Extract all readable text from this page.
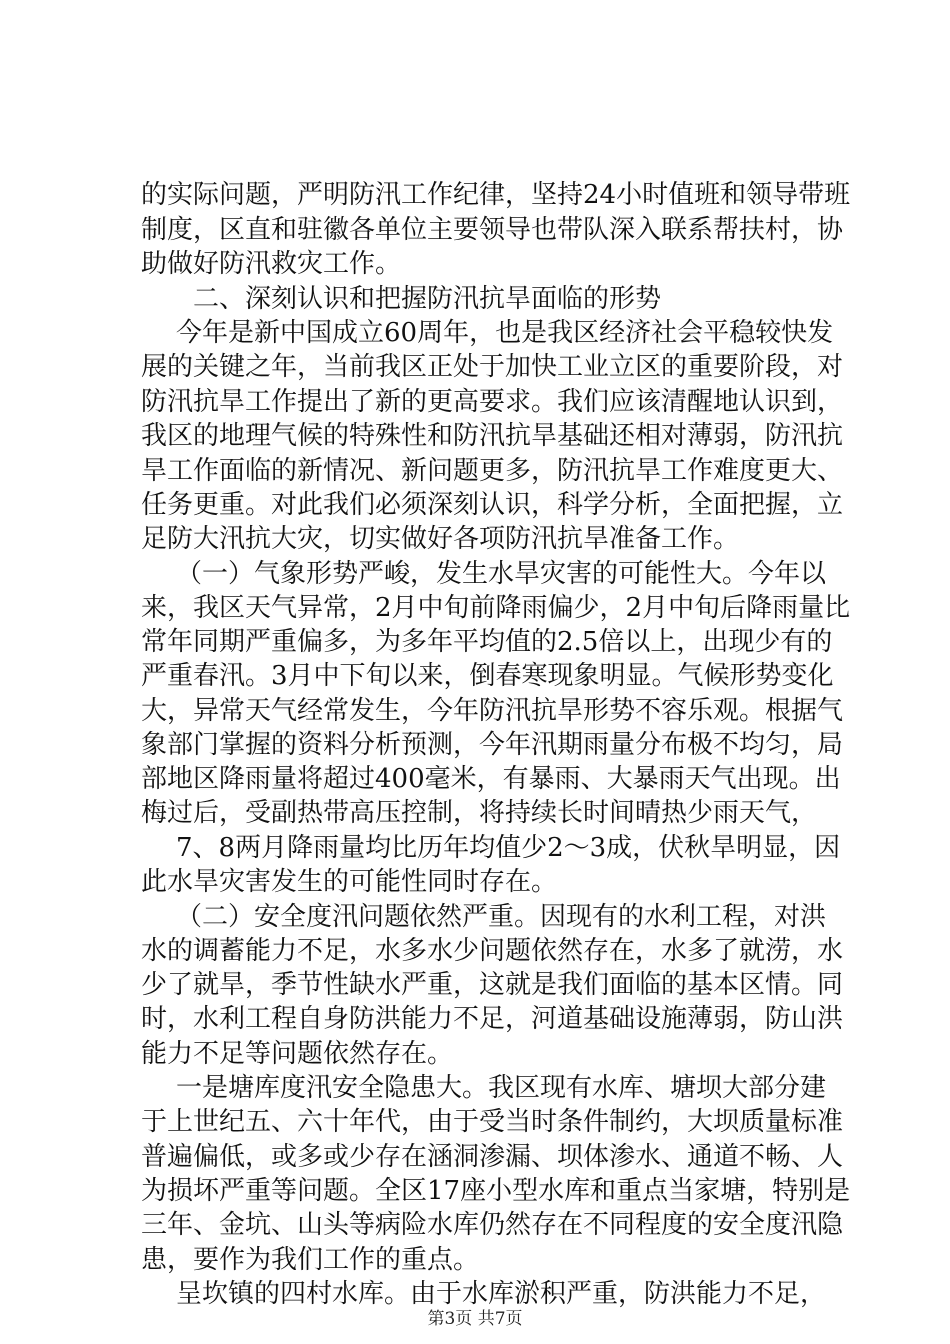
的实际问题，严明防汛工作纪律，坚持24小时值班和领导带班
制度，区直和驻徽各单位主要领导也带队深入联系帮扶村，协
助做好防汛救灾工作。
二、深刻认识和把握防汛抗旱面临的形势
今年是新中国成立60周年，也是我区经济社会平稳较快发
展的关键之年，当前我区正处于加快工业立区的重要阶段，对
防汛抗旱工作提出了新的更高要求。我们应该清醒地认识到，
我区的地理气候的特殊性和防汛抗旱基础还相对薄弱，防汛抗
旱工作面临的新情况、新问题更多，防汛抗旱工作难度更大、
任务更重。对此我们必须深刻认识，科学分析，全面把握，立
足防大汛抗大灾，切实做好各项防汛抗旱准备工作。
（一）气象形势严峻，发生水旱灾害的可能性大。今年以
来，我区天气异常，2月中旬前降雨偏少，2月中旬后降雨量比
常年同期严重偏多，为多年平均值的2.5倍以上，出现少有的
严重春汛。3月中下旬以来，倒春寒现象明显。气候形势变化
大，异常天气经常发生，今年防汛抗旱形势不容乐观。根据气
象部门掌握的资料分析预测，今年汛期雨量分布极不均匀，局
部地区降雨量将超过400毫米，有暴雨、大暴雨天气出现。出
梅过后，受副热带高压控制，将持续长时间晴热少雨天气，
7、8两月降雨量均比历年均值少2～3成，伏秋旱明显，因
此水旱灾害发生的可能性同时存在。
（二）安全度汛问题依然严重。因现有的水利工程，对洪
水的调蓄能力不足，水多水少问题依然存在，水多了就涝，水
少了就旱，季节性缺水严重，这就是我们面临的基本区情。同
时，水利工程自身防洪能力不足，河道基础设施薄弱，防山洪
能力不足等问题依然存在。
一是塘库度汛安全隐患大。我区现有水库、塘坝大部分建
于上世纪五、六十年代，由于受当时条件制约，大坝质量标准
普遍偏低，或多或少存在涵洞渗漏、坝体渗水、通道不畅、人
为损坏严重等问题。全区17座小型水库和重点当家塘，特别是
三年、金坑、山头等病险水库仍然存在不同程度的安全度汛隐
患，要作为我们工作的重点。
呈坎镇的四村水库。由于水库淤积严重，防洪能力不足，
第3页 共7页
